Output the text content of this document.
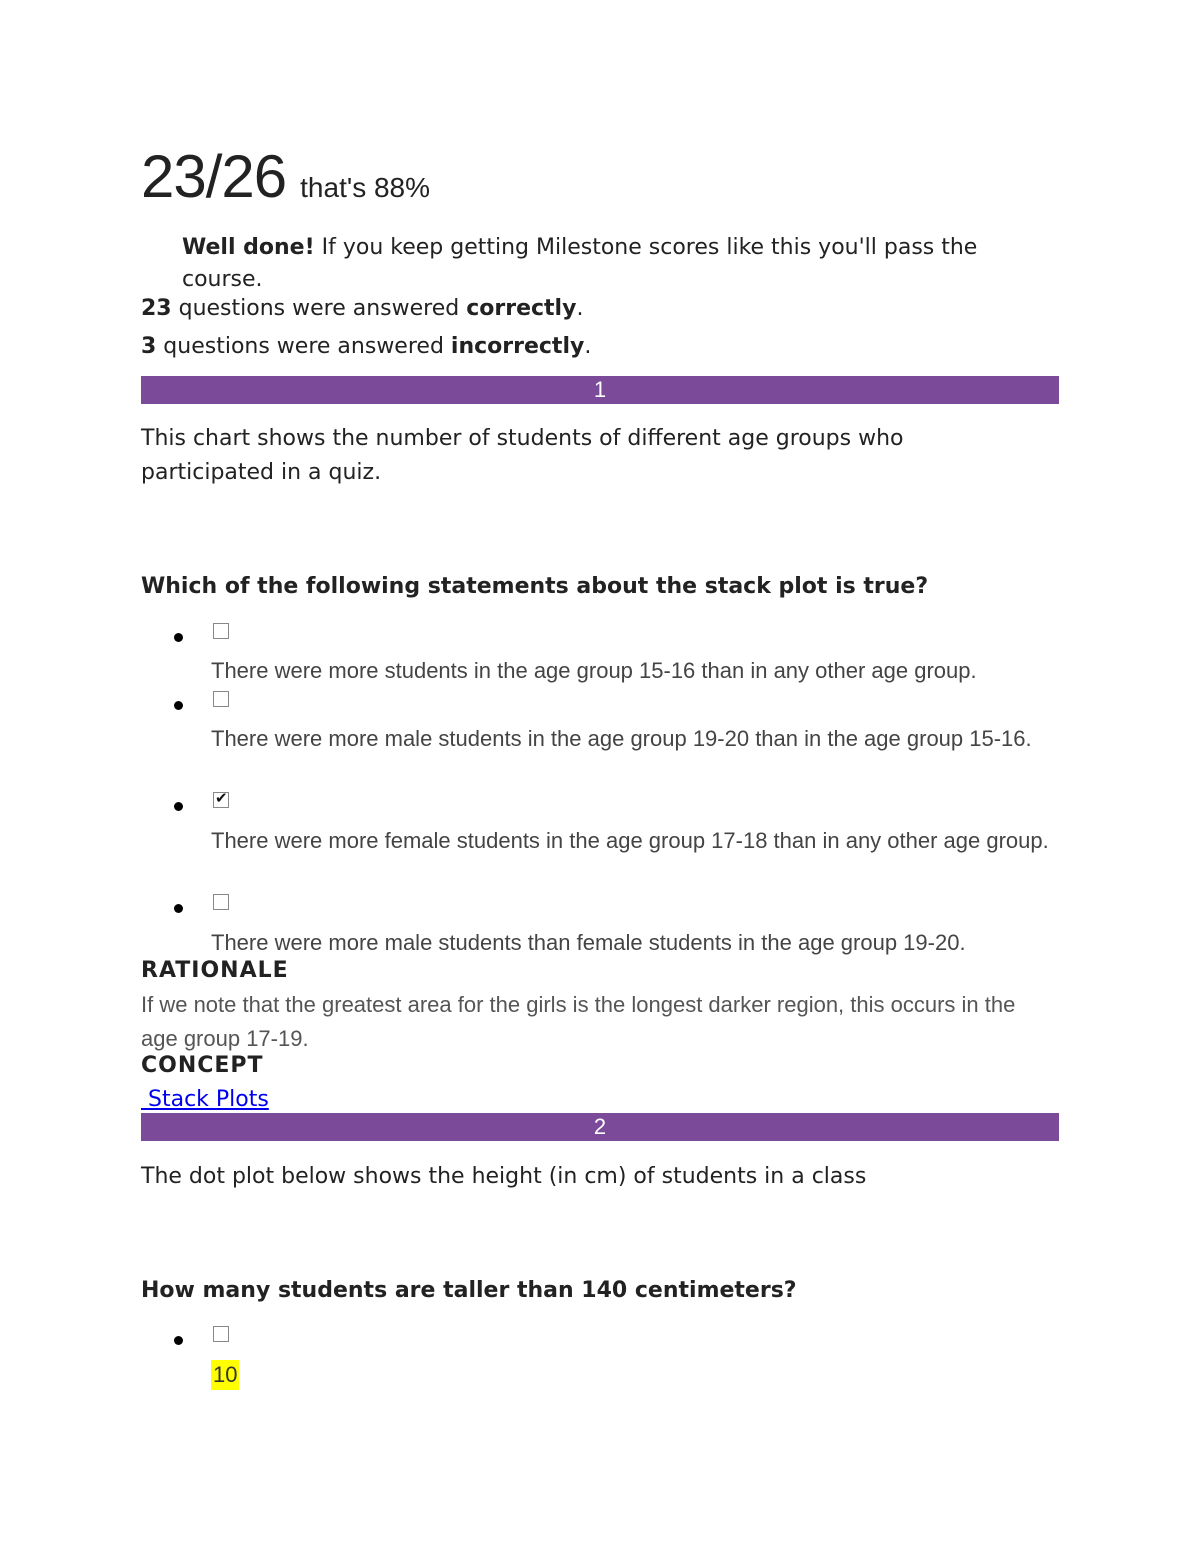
23/26 that's 88%
Well done! If you keep getting Milestone scores like this you'll pass the course.
23 questions were answered correctly.
3 questions were answered incorrectly.
1
This chart shows the number of students of different age groups who participated in a quiz.
Which of the following statements about the stack plot is true?
There were more students in the age group 15-16 than in any other age group.
There were more male students in the age group 19-20 than in the age group 15-16.
✔
There were more female students in the age group 17-18 than in any other age group.
There were more male students than female students in the age group 19-20.
RATIONALE
If we note that the greatest area for the girls is the longest darker region, this occurs in the age group 17-19.
CONCEPT
Stack Plots
2
The dot plot below shows the height (in cm) of students in a class
How many students are taller than 140 centimeters?
10
